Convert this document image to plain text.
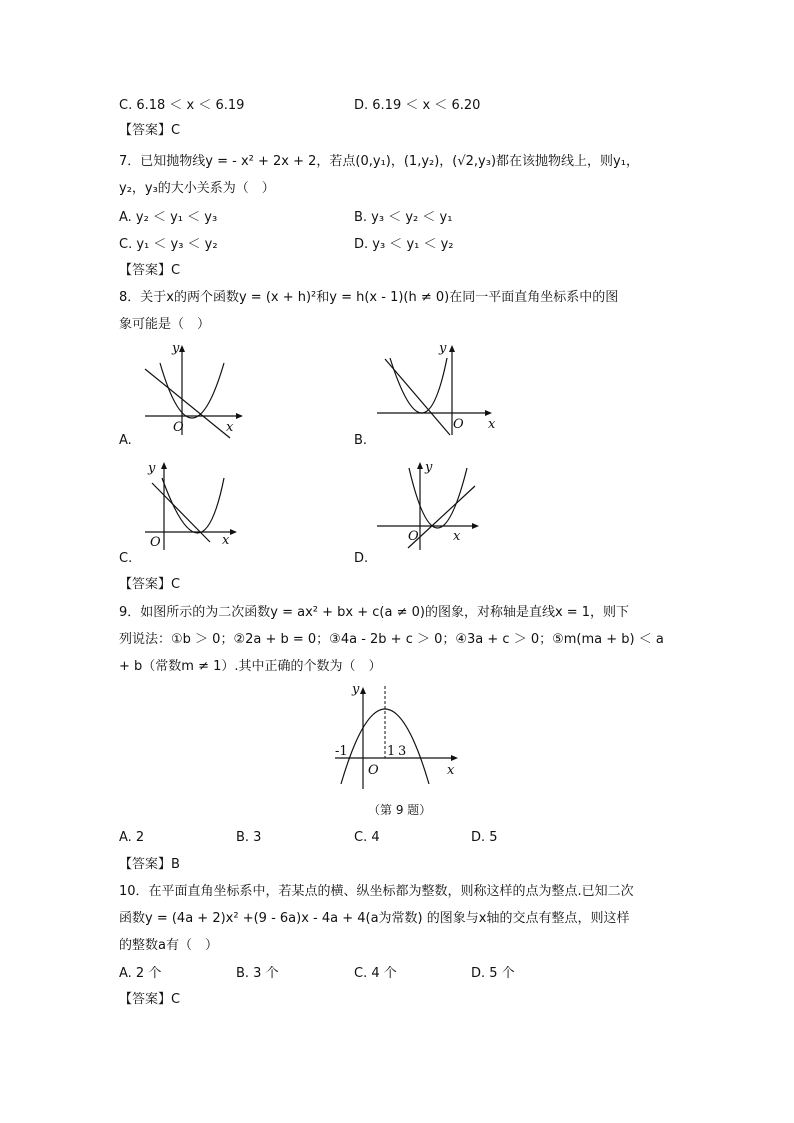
C. 6.18 ＜ x ＜ 6.19	D. 6.19 ＜ x ＜ 6.20
【答案】C
7．已知抛物线y = - x² + 2x + 2，若点(0,y₁)，(1,y₂)，(√2,y₃)都在该抛物线上，则y₁，
y₂，y₃的大小关系为（　）
A. y₂ ＜ y₁ ＜ y₃	B. y₃ ＜ y₂ ＜ y₁
C. y₁ ＜ y₃ ＜ y₂	D. y₃ ＜ y₁ ＜ y₂
【答案】C
8．关于x的两个函数y = (x + h)²和y = h(x - 1)(h ≠ 0)在同一平面直角坐标系中的图
象可能是（　）
y
x
O
A.
y
x
O
B.
y
x
O
C.
y
x
O
D.
【答案】C
9．如图所示的为二次函数y = ax² + bx + c(a ≠ 0)的图象，对称轴是直线x = 1，则下
列说法：①b ＞ 0；②2a + b = 0；③4a - 2b + c ＞ 0；④3a + c ＞ 0；⑤m(ma + b) ＜ a
+ b（常数m ≠ 1）.其中正确的个数为（　）
y
x
O
-1	1 3
（第 9 题）
A. 2	B. 3	C. 4	D. 5
【答案】B
10．在平面直角坐标系中，若某点的横、纵坐标都为整数，则称这样的点为整点.已知二次
函数y = (4a + 2)x² +(9 - 6a)x - 4a + 4(a为常数) 的图象与x轴的交点有整点，则这样
的整数a有（　）
A. 2 个	B. 3 个	C. 4 个	D. 5 个
【答案】C
